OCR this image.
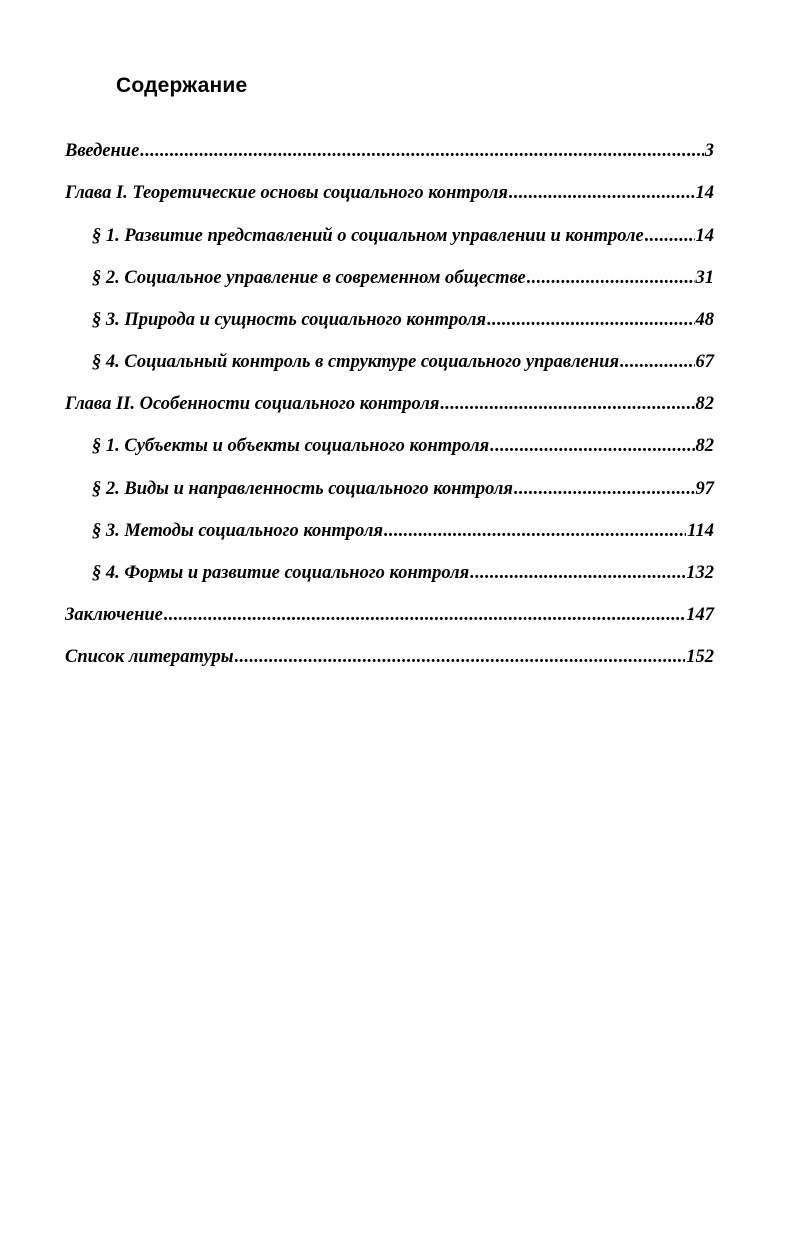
Содержание
Введение .....	3
Глава I. Теоретические основы социального контроля .....	14
§ 1. Развитие представлений о социальном управлении и контроле .....	14
§ 2. Социальное управление в современном обществе .....	31
§ 3. Природа и сущность социального контроля .....	48
§ 4. Социальный контроль в структуре социального управления .....	67
Глава II. Особенности социального контроля .....	82
§ 1. Субъекты и объекты социального контроля .....	82
§ 2. Виды и направленность социального контроля .....	97
§ 3. Методы социального контроля .....	114
§ 4. Формы и развитие социального контроля .....	132
Заключение .....	147
Список литературы .....	152
